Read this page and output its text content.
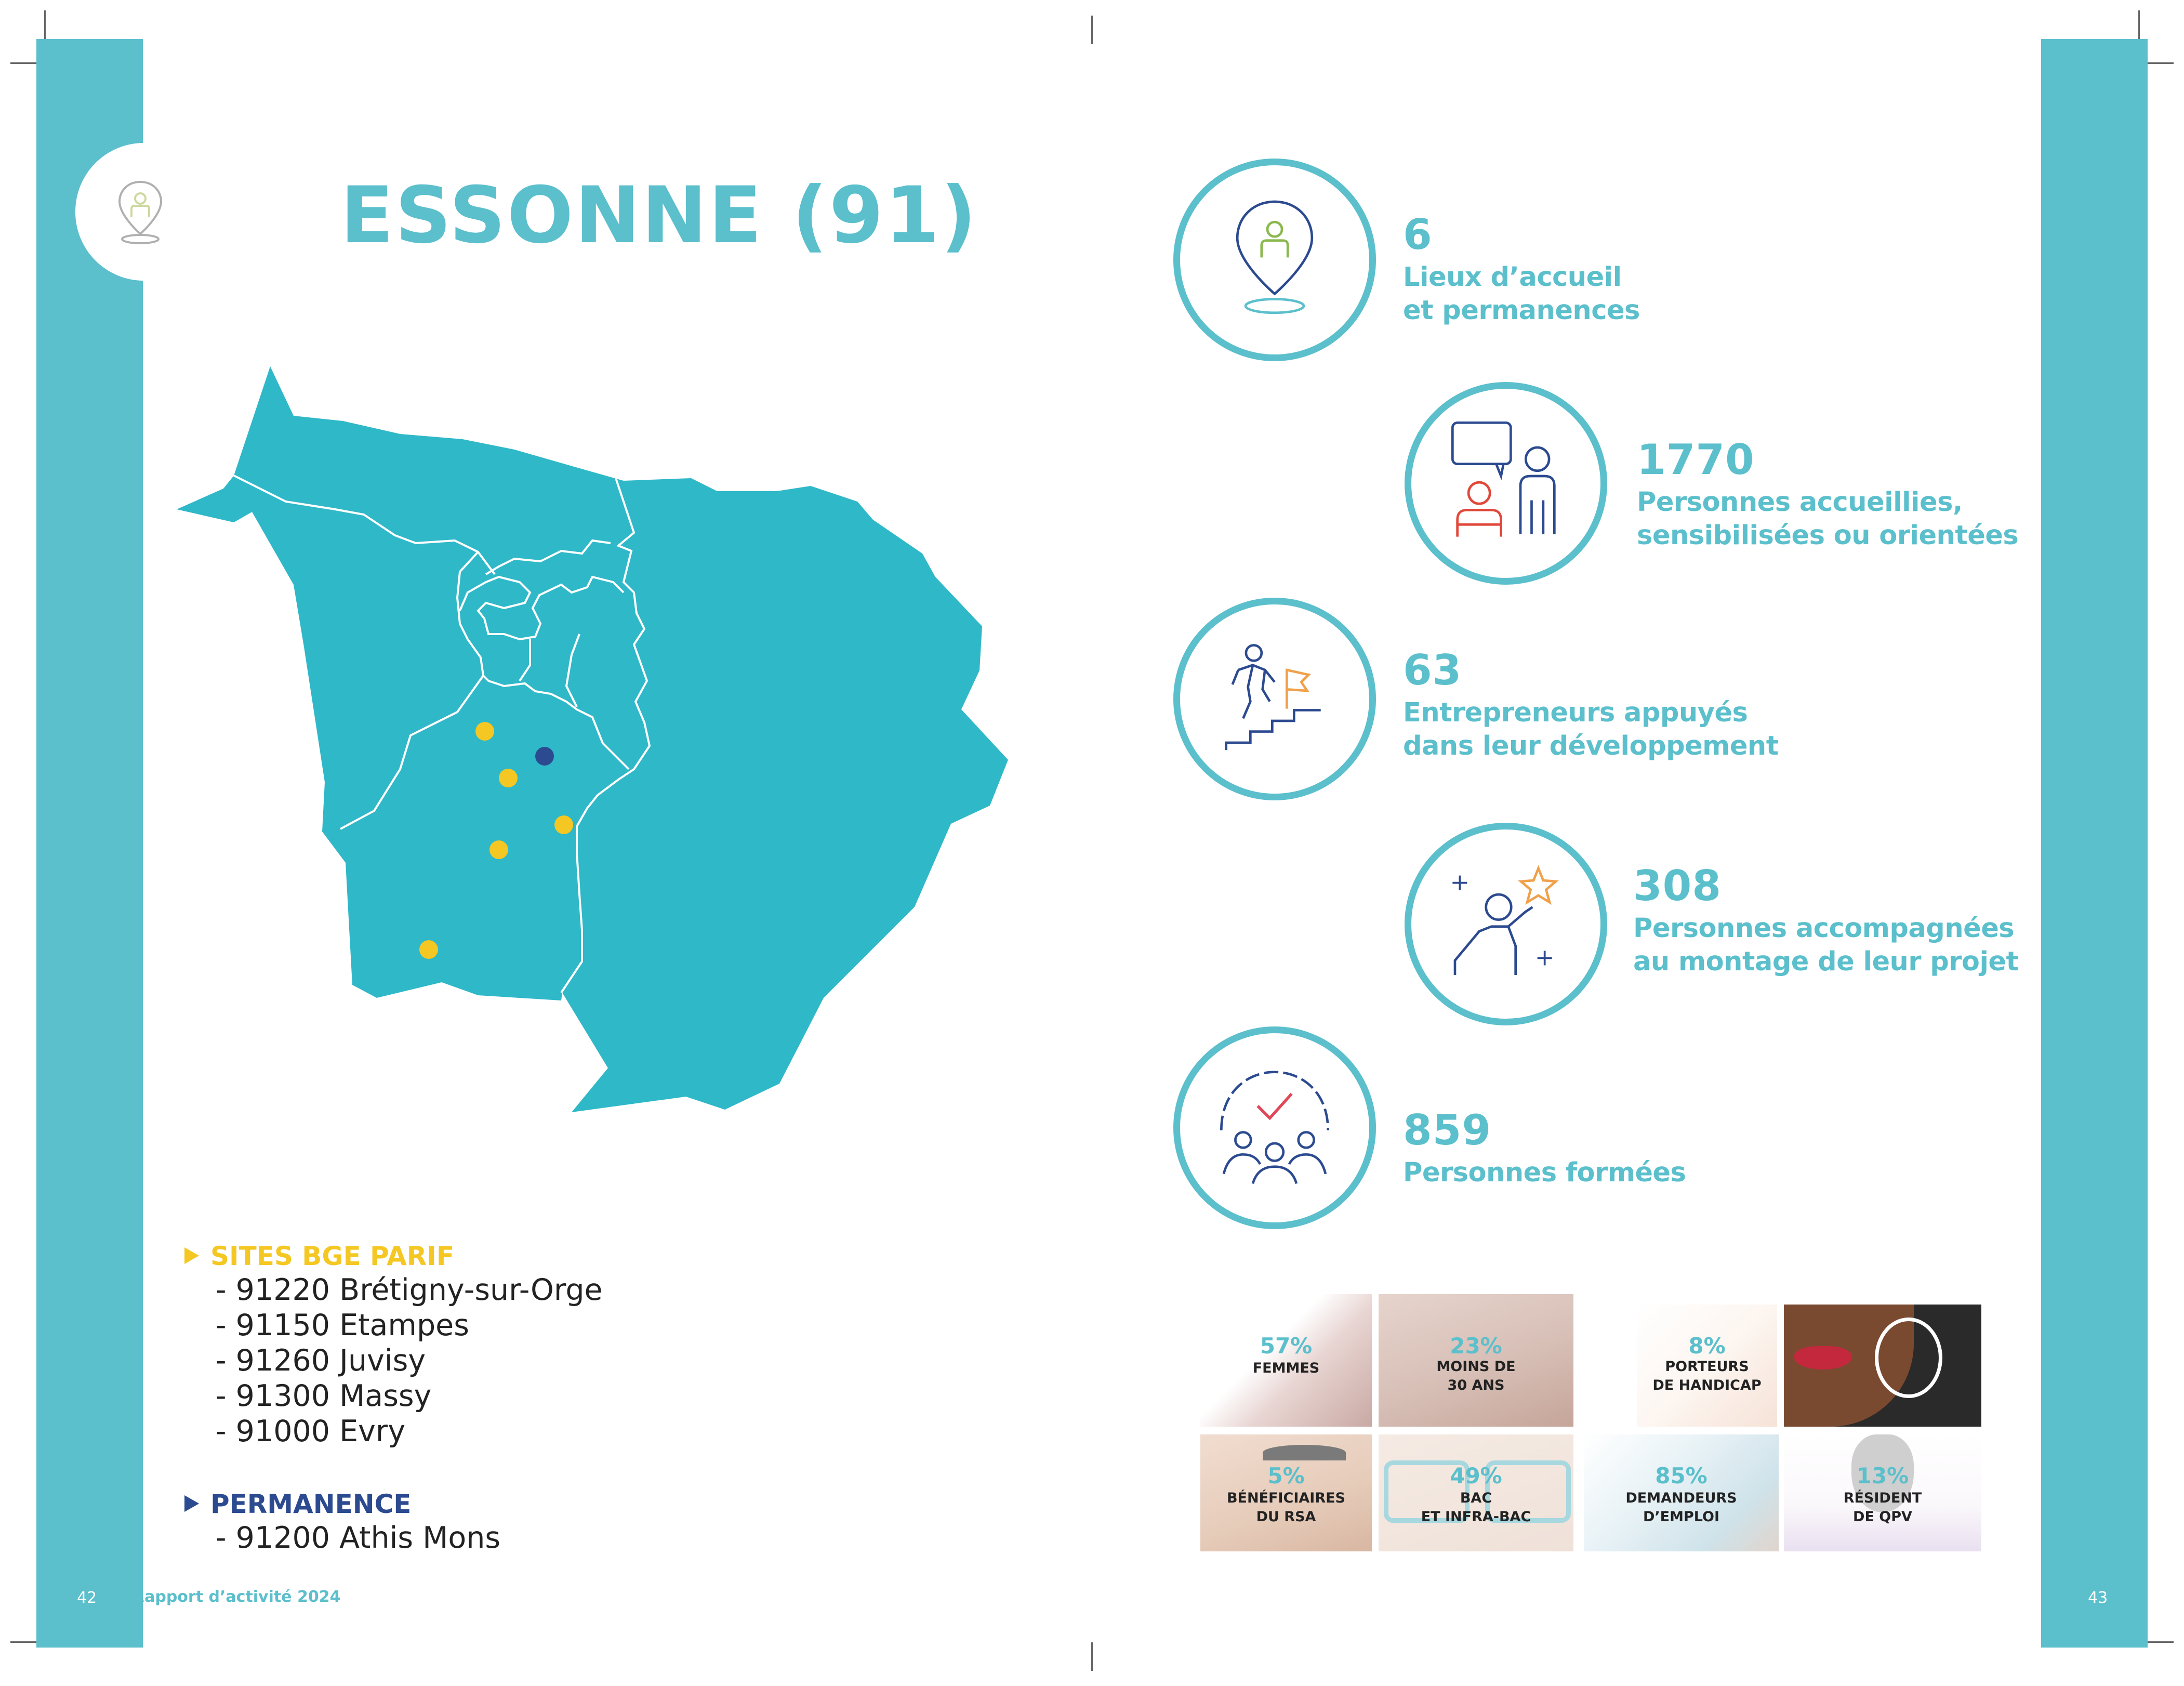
ESSONNE (91)
SITES BGE PARIF
- 91220 Brétigny-sur-Orge
- 91150 Etampes
- 91260 Juvisy
- 91300 Massy
- 91000 Evry
PERMANENCE
- 91200 Athis Mons
42 Rapport d’activité 2024	43
6
Lieux d’accueil
et permanences
1770
Personnes accueillies,
sensibilisées ou orientées
63
Entrepreneurs appuyés
dans leur développement
308
Personnes accompagnées
au montage de leur projet
859
Personnes formées
57%
FEMMES
23%
MOINS DE
30 ANS
8%
PORTEURS
DE HANDICAP
5%
BÉNÉFICIAIRES
DU RSA
49%
BAC
ET INFRA-BAC
85%
DEMANDEURS
D’EMPLOI
13%
RÉSIDENT
DE QPV
